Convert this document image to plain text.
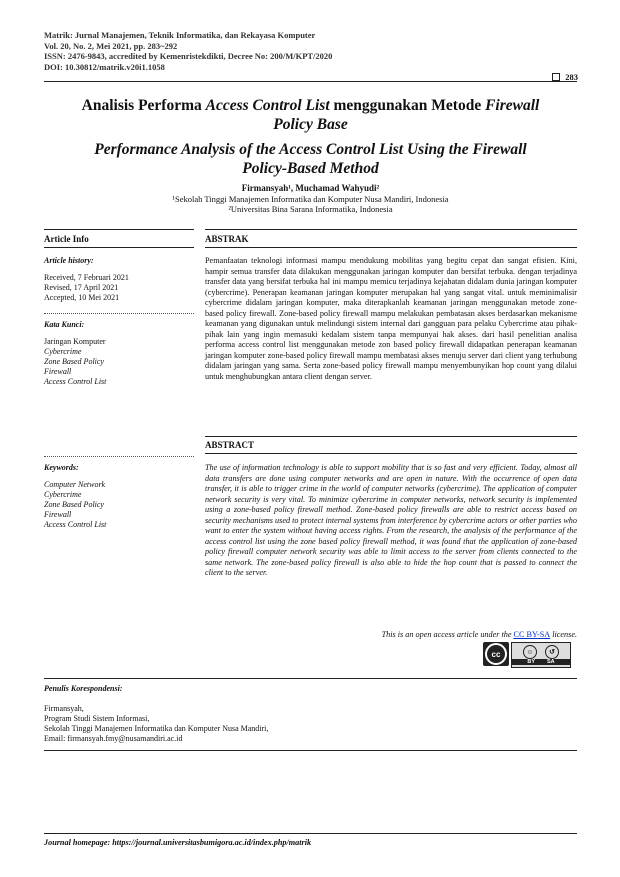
Matrik: Jurnal Manajemen, Teknik Informatika, dan Rekayasa Komputer
Vol. 20, No. 2, Mei 2021, pp. 283~292
ISSN: 2476-9843, accredited by Kemenristekdikti, Decree No: 200/M/KPT/2020
DOI: 10.30812/matrik.v20i1.1058
283
Analisis Performa Access Control List menggunakan Metode Firewall
Policy Base
Performance Analysis of the Access Control List Using the Firewall Policy-Based Method
Firmansyah¹, Muchamad Wahyudi²
¹Sekolah Tinggi Manajemen Informatika dan Komputer Nusa Mandiri, Indonesia
²Universitas Bina Sarana Informatika, Indonesia
Article Info	ABSTRAK
Article history:
Received, 7 Februari 2021
Revised, 17 April 2021
Accepted, 10 Mei 2021
Kata Kunci:
Jaringan Komputer
Cybercrime
Zone Based Policy
Firewall
Access Control List

Pemanfaatan teknologi informasi mampu mendukung mobilitas yang begitu cepat dan sangat efisien. Kini, hampir semua transfer data dilakukan menggunakan jaringan komputer dan bersifat terbuka. dengan terjadinya transfer data yang bersifat terbuka hal ini mampu memicu terjadinya kejahatan didalam dunia jaringan komputer (cybercrime). Penerapan keamanan jaringan komputer merupakan hal yang sangat vital. untuk meminimalisir cybercrime didalam jaringan komputer, maka diterapkanlah keamanan jaringan menggunakan metode zone-based policy firewall. Zone-based policy firewall mampu melakukan pembatasan akses berdasarkan mekanisme keamanan yang digunakan untuk melindungi sistem internal dari gangguan para pelaku Cybercrime atau pihak-pihak lain yang ingin memasuki kedalam sistem tanpa mempunyai hak akses. dari hasil penelitian analisa performa access control list menggunakan metode zon based policy firewall didapatkan penerapan keamanan jaringan komputer zone-based policy firewall mampu membatasi akses menuju server dari client yang terhubung didalam jaringan yang sama. Serta zone-based policy firewall mampu menyembunyikan hop count yang dilalui untuk menghubungkan antara client dengan server.

ABSTRACT
Keywords:
Computer Network
Cybercrime
Zone Based Policy
Firewall
Access Control List

The use of information technology is able to support mobility that is so fast and very efficient. Today, almost all data transfers are done using computer networks and are open in nature. With the occurrence of open data transfer, it is able to trigger crime in the world of computer networks (cybercrime). The application of computer network security is very vital. To minimize cybercrime in computer networks, network security is implemented using a zone-based policy firewall method. Zone-based policy firewalls are able to restrict access based on security mechanisms used to protect internal systems from interference by cybercrime actors or other parties who want to enter the system without having access rights. From the research, the analysis of the performance of the access control list using the zone based policy firewall method, it was found that the application of zone-based policy firewall computer network security was able to limit access to the server from clients connected to the same network. The zone-based policy firewall is also able to hide the hop count that is passed to connect the client to the server.

This is an open access article under the CC BY-SA license.
cc	☺	↺
BY SA
Penulis Korespondensi:
Firmansyah,
Program Studi Sistem Informasi,
Sekolah Tinggi Manajemen Informatika dan Komputer Nusa Mandiri,
Email: firmansyah.fmy@nusamandiri.ac.id
Journal homepage: https://journal.universitasbumigora.ac.id/index.php/matrik
